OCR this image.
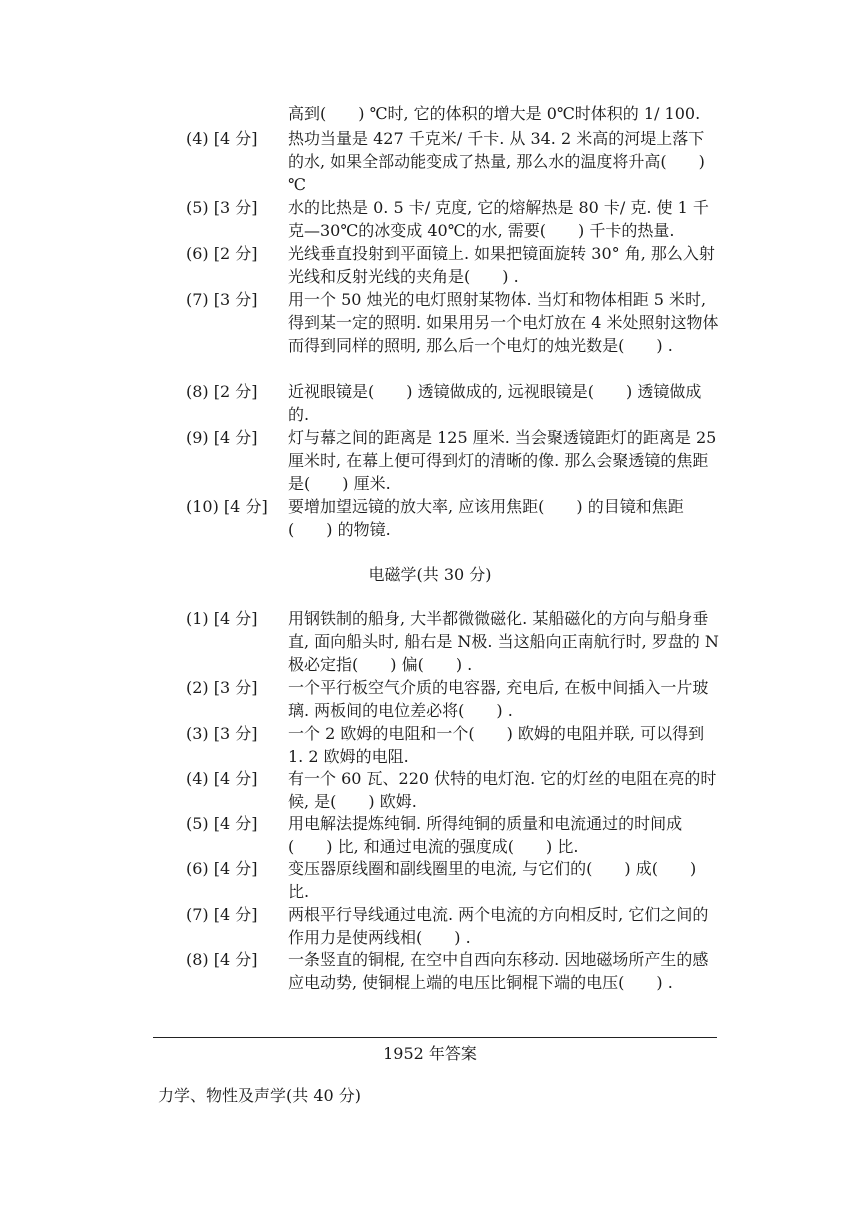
高到(　　) ℃时, 它的体积的增大是 0℃时体积的 1/ 100.
(4) [4 分]	热功当量是 427 千克米/ 千卡. 从 34. 2 米高的河堤上落下的水, 如果全部动能变成了热量, 那么水的温度将升高(　　) ℃
(5) [3 分]	水的比热是 0. 5 卡/ 克度, 它的熔解热是 80 卡/ 克. 使 1 千克—30℃的冰变成 40℃的水, 需要(　　) 千卡的热量.
(6) [2 分]	光线垂直投射到平面镜上. 如果把镜面旋转 30° 角, 那么入射光线和反射光线的夹角是(　　) .
(7) [3 分]	用一个 50 烛光的电灯照射某物体. 当灯和物体相距 5 米时, 得到某一定的照明. 如果用另一个电灯放在 4 米处照射这物体而得到同样的照明, 那么后一个电灯的烛光数是(　　) .
(8) [2 分]	近视眼镜是(　　) 透镜做成的, 远视眼镜是(　　) 透镜做成的.
(9) [4 分]	灯与幕之间的距离是 125 厘米. 当会聚透镜距灯的距离是 25 厘米时, 在幕上便可得到灯的清晰的像. 那么会聚透镜的焦距是(　　) 厘米.
(10) [4 分]	要增加望远镜的放大率, 应该用焦距(　　) 的目镜和焦距(　　) 的物镜.
电磁学(共 30 分)
(1) [4 分]	用钢铁制的船身, 大半都微微磁化. 某船磁化的方向与船身垂直, 面向船头时, 船右是 N极. 当这船向正南航行时, 罗盘的 N极必定指(　　) 偏(　　) .
(2) [3 分]	一个平行板空气介质的电容器, 充电后, 在板中间插入一片玻璃. 两板间的电位差必将(　　) .
(3) [3 分]	一个 2 欧姆的电阻和一个(　　) 欧姆的电阻并联, 可以得到 1. 2 欧姆的电阻.
(4) [4 分]	有一个 60 瓦、220 伏特的电灯泡. 它的灯丝的电阻在亮的时候, 是(　　) 欧姆.
(5) [4 分]	用电解法提炼纯铜. 所得纯铜的质量和电流通过的时间成(　　) 比, 和通过电流的强度成(　　) 比.
(6) [4 分]	变压器原线圈和副线圈里的电流, 与它们的(　　) 成(　　) 比.
(7) [4 分]	两根平行导线通过电流. 两个电流的方向相反时, 它们之间的作用力是使两线相(　　) .
(8) [4 分]	一条竖直的铜棍, 在空中自西向东移动. 因地磁场所产生的感应电动势, 使铜棍上端的电压比铜棍下端的电压(　　) .
1952 年答案
力学、物性及声学(共 40 分)
